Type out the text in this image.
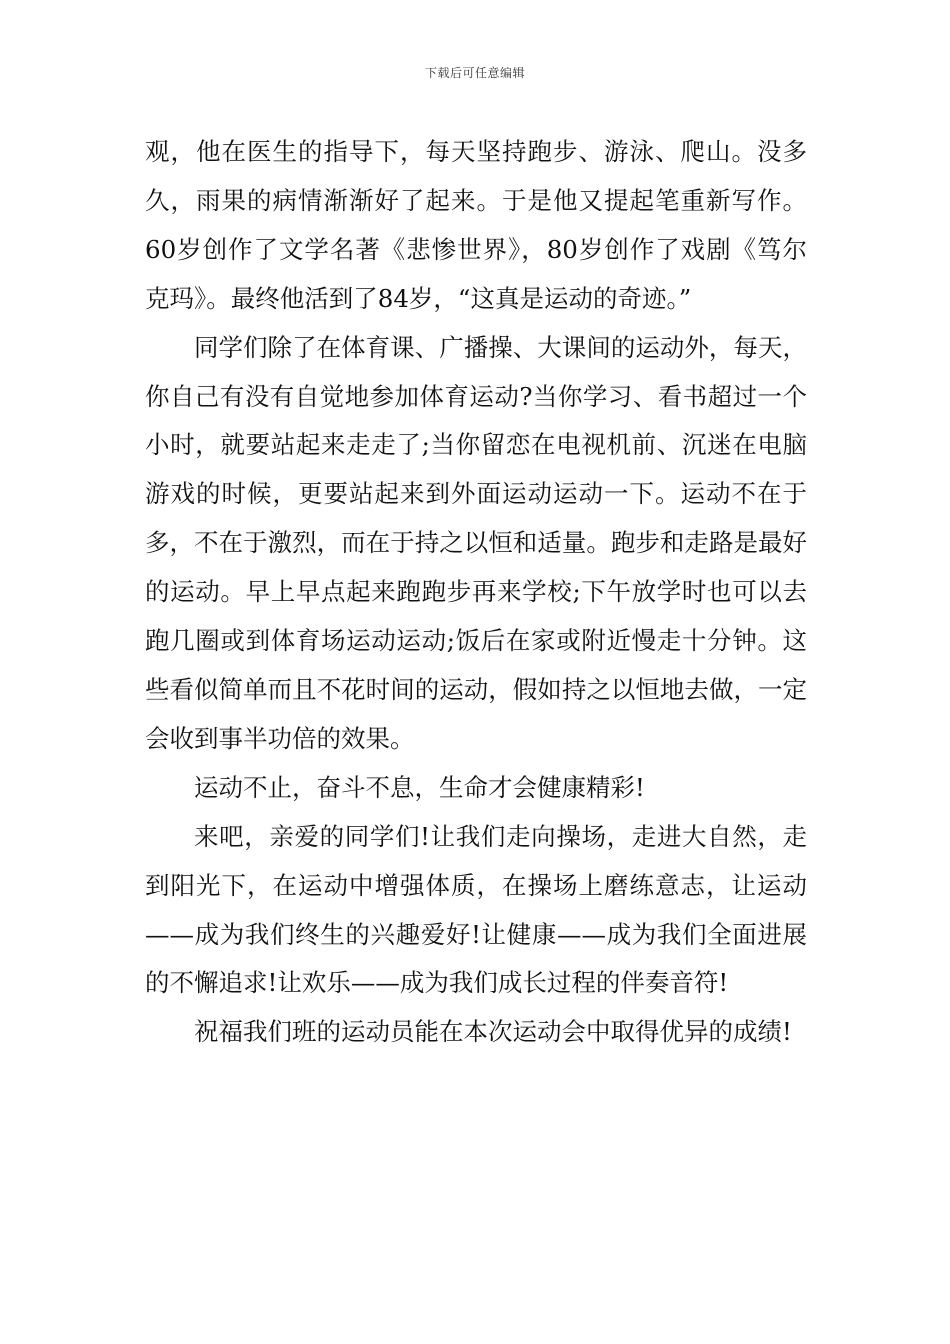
下载后可任意编辑

观，他在医生的指导下，每天坚持跑步、游泳、爬山。没多久，雨果的病情渐渐好了起来。于是他又提起笔重新写作。60岁创作了文学名著《悲惨世界》，80岁创作了戏剧《笃尔克玛》。最终他活到了84岁，“这真是运动的奇迹。”

同学们除了在体育课、广播操、大课间的运动外，每天，你自己有没有自觉地参加体育运动?当你学习、看书超过一个小时，就要站起来走走了;当你留恋在电视机前、沉迷在电脑游戏的时候，更要站起来到外面运动运动一下。运动不在于多，不在于激烈，而在于持之以恒和适量。跑步和走路是最好的运动。早上早点起来跑跑步再来学校;下午放学时也可以去跑几圈或到体育场运动运动;饭后在家或附近慢走十分钟。这些看似简单而且不花时间的运动，假如持之以恒地去做，一定会收到事半功倍的效果。

运动不止，奋斗不息，生命才会健康精彩!

来吧，亲爱的同学们!让我们走向操场，走进大自然，走到阳光下，在运动中增强体质，在操场上磨练意志，让运动——成为我们终生的兴趣爱好!让健康——成为我们全面进展的不懈追求!让欢乐——成为我们成长过程的伴奏音符!

祝福我们班的运动员能在本次运动会中取得优异的成绩!
